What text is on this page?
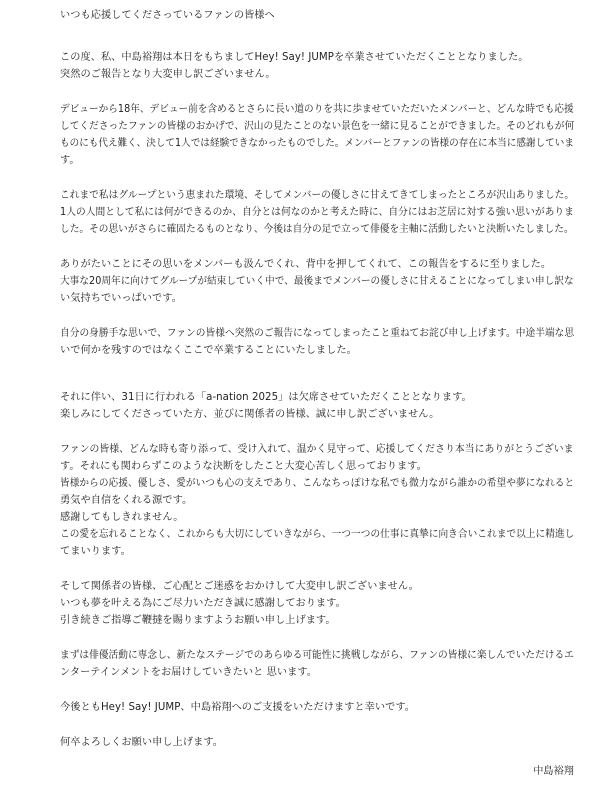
いつも応援してくださっているファンの皆様へ
この度、私、中島裕翔は本日をもちましてHey! Say! JUMPを卒業させていただくこととなりました。
突然のご報告となり大変申し訳ございません。
デビューから18年、デビュー前を含めるとさらに長い道のりを共に歩ませていただいたメンバーと、どんな時でも応援
してくださったファンの皆様のおかげで、沢山の見たことのない景色を一緒に見ることができました。そのどれもが何
ものにも代え難く、決して1人では経験できなかったものでした。メンバーとファンの皆様の存在に本当に感謝していま
す。
これまで私はグループという恵まれた環境、そしてメンバーの優しさに甘えてきてしまったところが沢山ありました。
1人の人間として私には何ができるのか、自分とは何なのかと考えた時に、自分にはお芝居に対する強い思いがありま
した。その思いがさらに確固たるものとなり、今後は自分の足で立って俳優を主軸に活動したいと決断いたしました。
ありがたいことにその思いをメンバーも汲んでくれ、背中を押してくれて、この報告をするに至りました。
大事な20周年に向けてグループが結束していく中で、最後までメンバーの優しさに甘えることになってしまい申し訳な
い気持ちでいっぱいです。
自分の身勝手な思いで、ファンの皆様へ突然のご報告になってしまったこと重ねてお詫び申し上げます。中途半端な思
いで何かを残すのではなくここで卒業することにいたしました。
それに伴い、31日に行われる「a-nation 2025」は欠席させていただくこととなります。
楽しみにしてくださっていた方、並びに関係者の皆様、誠に申し訳ございません。
ファンの皆様、どんな時も寄り添って、受け入れて、温かく見守って、応援してくださり本当にありがとうございま
す。それにも関わらずこのような決断をしたこと大変心苦しく思っております。
皆様からの応援、優しさ、愛がいつも心の支えであり、こんなちっぽけな私でも微力ながら誰かの希望や夢になれると
勇気や自信をくれる源です。
感謝してもしきれません。
この愛を忘れることなく、これからも大切にしていきながら、一つ一つの仕事に真摯に向き合いこれまで以上に精進し
てまいります。
そして関係者の皆様、ご心配とご迷惑をおかけして大変申し訳ございません。
いつも夢を叶える為にご尽力いただき誠に感謝しております。
引き続きご指導ご鞭撻を賜りますようお願い申し上げます。
まずは俳優活動に専念し、新たなステージでのあらゆる可能性に挑戦しながら、ファンの皆様に楽しんでいただけるエ
ンターテインメントをお届けしていきたいと 思います。
今後ともHey! Say! JUMP、中島裕翔へのご支援をいただけますと幸いです。
何卒よろしくお願い申し上げます。
中島裕翔
